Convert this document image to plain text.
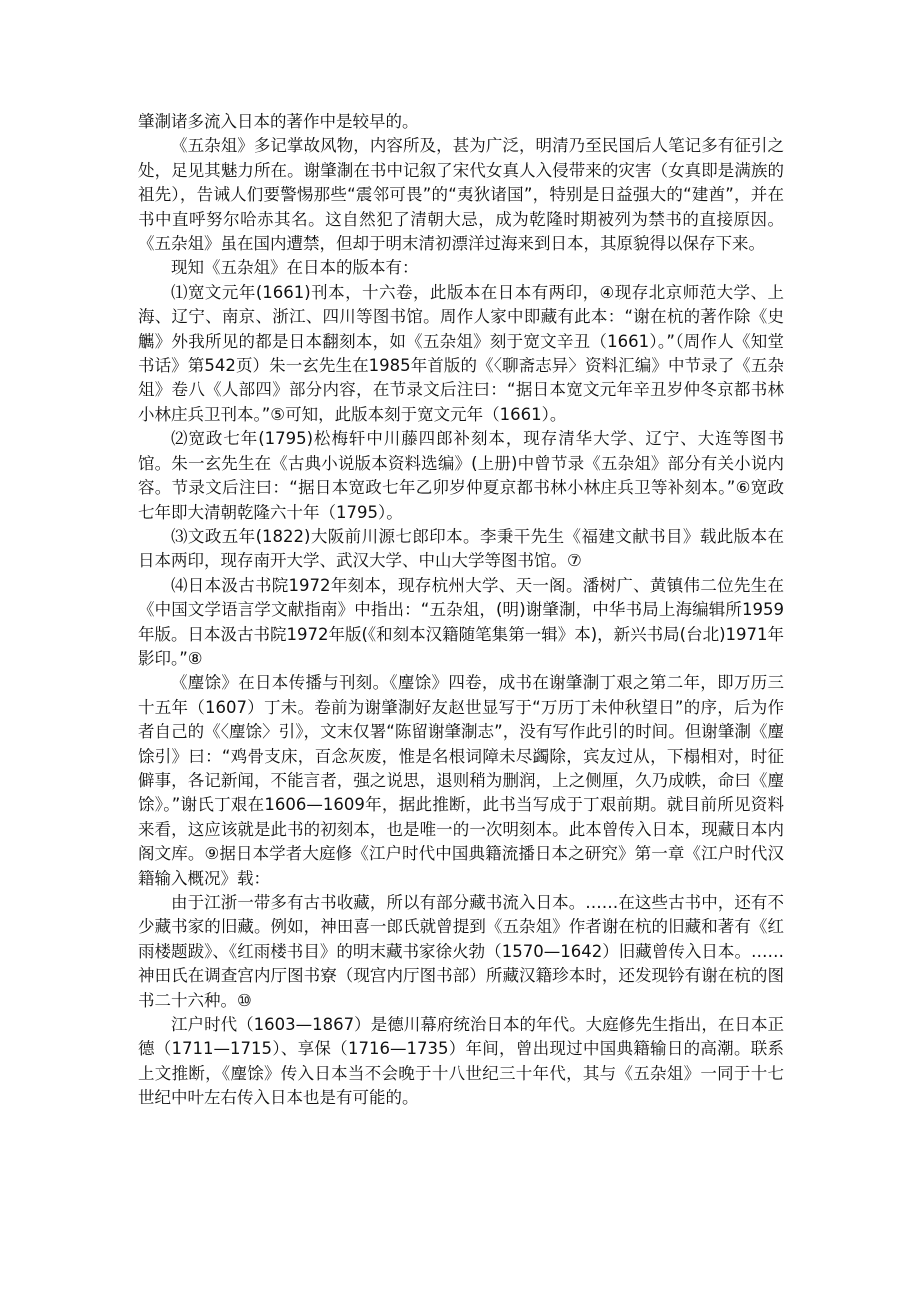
肇淛诸多流入日本的著作中是较早的。

《五杂俎》多记掌故风物，内容所及，甚为广泛，明清乃至民国后人笔记多有征引之处，足见其魅力所在。谢肇淛在书中记叙了宋代女真人入侵带来的灾害（女真即是满族的祖先），告诫人们要警惕那些“震邻可畏”的“夷狄诸国”，特别是日益强大的“建酋”，并在书中直呼努尔哈赤其名。这自然犯了清朝大忌，成为乾隆时期被列为禁书的直接原因。《五杂俎》虽在国内遭禁，但却于明末清初漂洋过海来到日本，其原貌得以保存下来。

现知《五杂俎》在日本的版本有：

⑴宽文元年(1661)刊本，十六卷，此版本在日本有两印，④现存北京师范大学、上海、辽宁、南京、浙江、四川等图书馆。周作人家中即藏有此本：“谢在杭的著作除《史觽》外我所见的都是日本翻刻本，如《五杂俎》刻于宽文辛丑（1661）。”（周作人《知堂书话》第542页）朱一玄先生在1985年首版的《〈聊斋志异〉资料汇编》中节录了《五杂俎》卷八《人部四》部分内容，在节录文后注曰：“据日本宽文元年辛丑岁仲冬京都书林小林庄兵卫刊本。”⑤可知，此版本刻于宽文元年（1661）。

⑵宽政七年(1795)松梅轩中川藤四郎补刻本，现存清华大学、辽宁、大连等图书馆。朱一玄先生在《古典小说版本资料选编》(上册)中曾节录《五杂俎》部分有关小说内容。节录文后注曰：“据日本宽政七年乙卯岁仲夏京都书林小林庄兵卫等补刻本。”⑥宽政七年即大清朝乾隆六十年（1795）。

⑶文政五年(1822)大阪前川源七郎印本。李秉干先生《福建文献书目》载此版本在日本两印，现存南开大学、武汉大学、中山大学等图书馆。⑦

⑷日本汲古书院1972年刻本，现存杭州大学、天一阁。潘树广、黄镇伟二位先生在《中国文学语言学文献指南》中指出：“五杂俎，(明)谢肇淛，中华书局上海编辑所1959年版。日本汲古书院1972年版(《和刻本汉籍随笔集第一辑》本)，新兴书局(台北)1971年影印。”⑧

《麈馀》在日本传播与刊刻。《麈馀》四卷，成书在谢肇淛丁艰之第二年，即万历三十五年（1607）丁未。卷前为谢肇淛好友赵世显写于“万历丁未仲秋望日”的序，后为作者自己的《〈麈馀〉引》，文末仅署“陈留谢肇淛志”，没有写作此引的时间。但谢肇淛《麈馀引》曰：“鸡骨支床，百念灰废，惟是名根词障未尽蠲除，宾友过从，下榻相对，时征僻事，各记新闻，不能言者，强之说思，退则稍为删润，上之侧厘，久乃成帙，命曰《麈馀》。”谢氏丁艰在1606—1609年，据此推断，此书当写成于丁艰前期。就目前所见资料来看，这应该就是此书的初刻本，也是唯一的一次明刻本。此本曾传入日本，现藏日本内阁文库。⑨据日本学者大庭修《江户时代中国典籍流播日本之研究》第一章《江户时代汉籍输入概况》载：

由于江浙一带多有古书收藏，所以有部分藏书流入日本。……在这些古书中，还有不少藏书家的旧藏。例如，神田喜一郎氏就曾提到《五杂俎》作者谢在杭的旧藏和著有《红雨楼题跋》、《红雨楼书目》的明末藏书家徐火勃（1570—1642）旧藏曾传入日本。……神田氏在调查宫内厅图书寮（现宫内厅图书部）所藏汉籍珍本时，还发现钤有谢在杭的图书二十六种。⑩

江户时代（1603—1867）是德川幕府统治日本的年代。大庭修先生指出，在日本正德（1711—1715）、享保（1716—1735）年间，曾出现过中国典籍输日的高潮。联系上文推断，《麈馀》传入日本当不会晚于十八世纪三十年代，其与《五杂俎》一同于十七世纪中叶左右传入日本也是有可能的。
